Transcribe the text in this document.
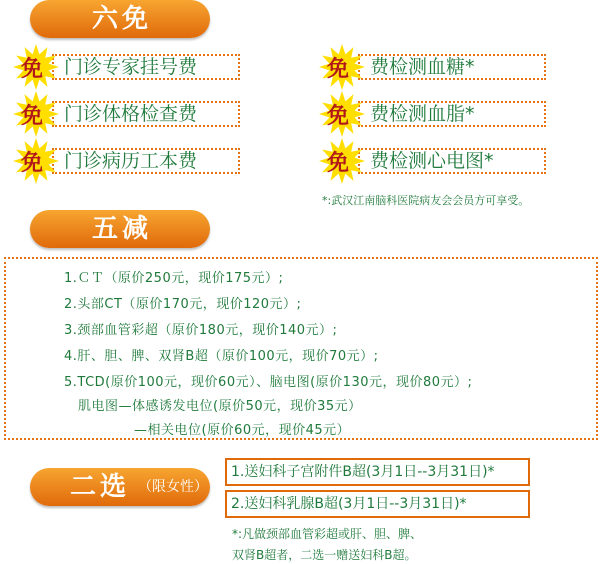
六免
免 门诊专家挂号费
免 门诊体格检查费
免 门诊病历工本费
免 费检测血糖*
免 费检测血脂*
免 费检测心电图*
*:武汉江南脑科医院病友会会员方可享受。
五减
1.ＣＴ（原价250元，现价175元）;
2.头部CT（原价170元，现价120元）;
3.颈部血管彩超（原价180元，现价140元）;
4.肝、胆、脾、双肾B超（原价100元，现价70元）;
5.TCD(原价100元，现价60元）、脑电图(原价130元，现价80元）;
肌电图—体感诱发电位(原价50元，现价35元）
—相关电位(原价60元，现价45元）
二选 （限女性）
1.送妇科子宫附件B超(3月1日--3月31日)*
2.送妇科乳腺B超(3月1日--3月31日)*
*:凡做颈部血管彩超或肝、胆、脾、
双肾B超者，二选一赠送妇科B超。
